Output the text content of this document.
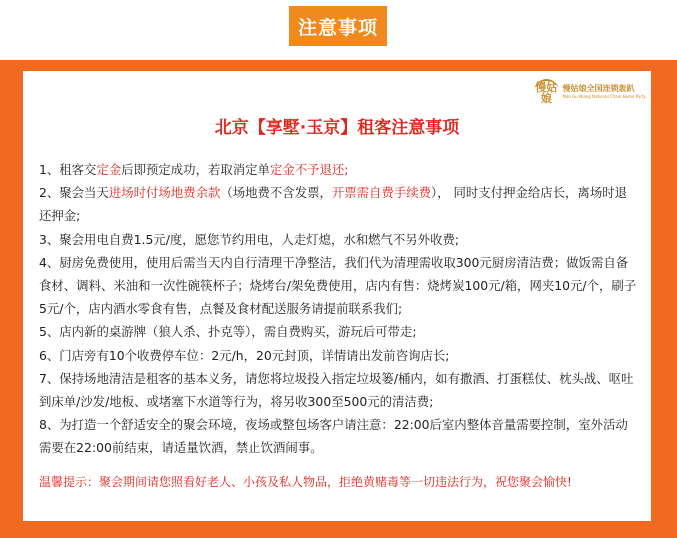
注意事项
慢姑娘
慢姑娘全国连锁轰趴
Man Gu Niang National Chain Home Party
北京【享墅·玉京】租客注意事项

1、租客交定金后即预定成功，若取消定单定金不予退还;

2、聚会当天进场时付场地费余款（场地费不含发票，开票需自费手续费）， 同时支付押金给店长，离场时退还押金;

3、聚会用电自费1.5元/度，愿您节约用电，人走灯熄，水和燃气不另外收费;

4、厨房免费使用，使用后需当天内自行清理干净整洁，我们代为清理需收取300元厨房清洁费；做饭需自备食材、调料、米油和一次性碗筷杯子；烧烤台/架免费使用，店内有售：烧烤炭100元/箱，网夹10元/个，刷子5元/个，店内酒水零食有售，点餐及食材配送服务请提前联系我们;

5、店内新的桌游牌（狼人杀、扑克等），需自费购买，游玩后可带走;

6、门店旁有10个收费停车位：2元/h，20元封顶，详情请出发前咨询店长;

7、保持场地清洁是租客的基本义务，请您将垃圾投入指定垃圾篓/桶内，如有撒酒、打蛋糕仗、枕头战、呕吐到床单/沙发/地板、或堵塞下水道等行为，将另收300至500元的清洁费;

8、为打造一个舒适安全的聚会环境，夜场或整包场客户请注意：22:00后室内整体音量需要控制，室外活动需要在22:00前结束，请适量饮酒，禁止饮酒闹事。

温馨提示：聚会期间请您照看好老人、小孩及私人物品，拒绝黄赌毒等一切违法行为，祝您聚会愉快!
